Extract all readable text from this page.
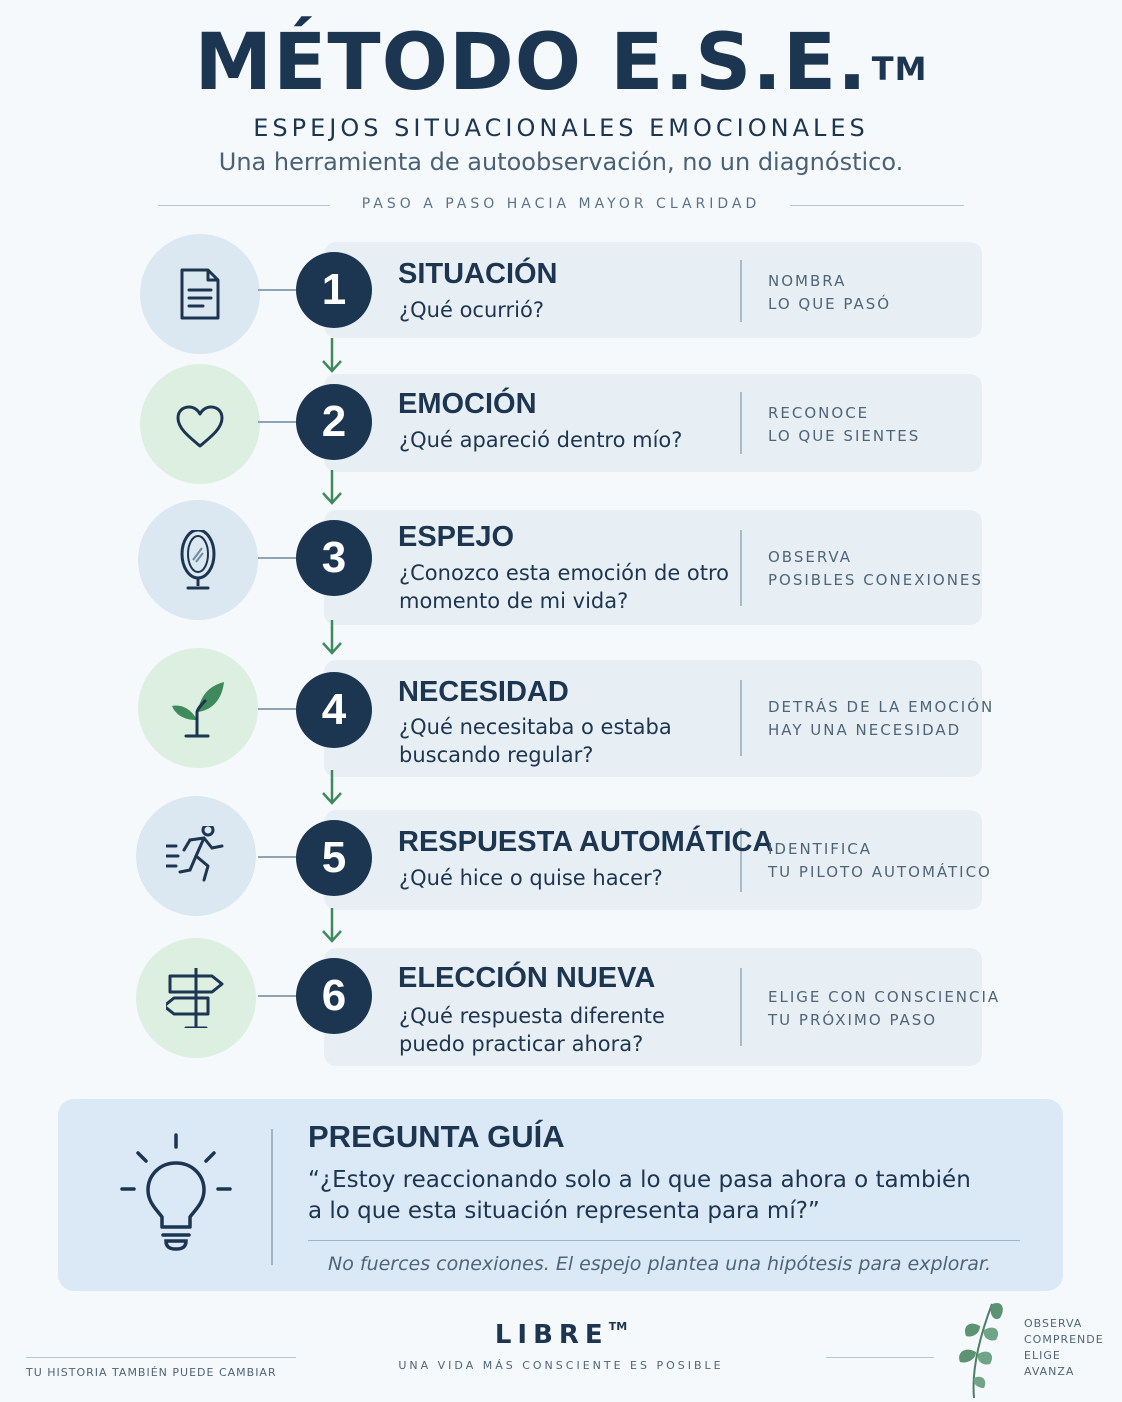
MÉTODO E.S.E. ™
ESPEJOS SITUACIONALES EMOCIONALES
Una herramienta de autoobservación, no un diagnóstico.
PASO A PASO HACIA MAYOR CLARIDAD
1	SITUACIÓN
¿Qué ocurrió?
NOMBRA
LO QUE PASÓ
2	EMOCIÓN
¿Qué apareció dentro mío?
RECONOCE
LO QUE SIENTES
3	ESPEJO
¿Conozco esta emoción de otro
momento de mi vida?
OBSERVA
POSIBLES CONEXIONES
4	NECESIDAD
¿Qué necesitaba o estaba
buscando regular?
DETRÁS DE LA EMOCIÓN
HAY UNA NECESIDAD
5	RESPUESTA AUTOMÁTICA
¿Qué hice o quise hacer?
IDENTIFICA
TU PILOTO AUTOMÁTICO
6	ELECCIÓN NUEVA
¿Qué respuesta diferente
puedo practicar ahora?
ELIGE CON CONSCIENCIA
TU PRÓXIMO PASO
PREGUNTA GUÍA
“¿Estoy reaccionando solo a lo que pasa ahora o también
a lo que esta situación representa para mí?”
No fuerces conexiones. El espejo plantea una hipótesis para explorar.
TU HISTORIA TAMBIÉN PUEDE CAMBIAR
LIBRE™
UNA VIDA MÁS CONSCIENTE ES POSIBLE
OBSERVA
COMPRENDE
ELIGE
AVANZA
